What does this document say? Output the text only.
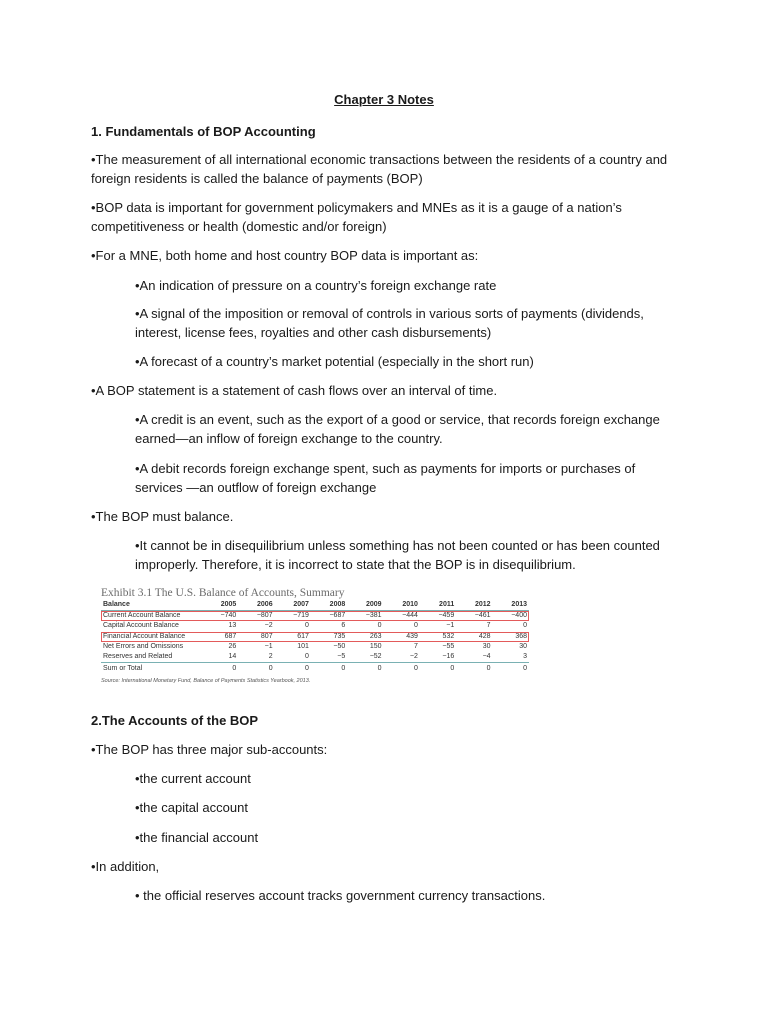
Chapter 3 Notes
1. Fundamentals of BOP Accounting
•The measurement of all international economic transactions between the residents of a country and foreign residents is called the balance of payments (BOP)
•BOP data is important for government policymakers and MNEs as it is a gauge of a nation’s competitiveness or health (domestic and/or foreign)
•For a MNE, both home and host country BOP data is important as:
•An indication of pressure on a country’s foreign exchange rate
•A signal of the imposition or removal of controls in various sorts of payments (dividends, interest, license fees, royalties and other cash disbursements)
•A forecast of a country’s market potential (especially in the short run)
•A BOP statement is a statement of cash flows over an interval of time.
•A credit is an event, such as the export of a good or service, that records foreign exchange earned—an inflow of foreign exchange to the country.
•A debit records foreign exchange spent, such as payments for imports or purchases of services —an outflow of foreign exchange
•The BOP must balance.
•It cannot be in disequilibrium unless something has not been counted or has been counted improperly. Therefore, it is incorrect to state that the BOP is in disequilibrium.
Exhibit 3.1 The U.S. Balance of Accounts, Summary
Balance	2005	2006	2007	2008	2009	2010	2011	2012	2013
Current Account Balance	−740	−807	−719	−687	−381	−444	−459	−461	−400
Capital Account Balance	13	−2	0	6	0	0	−1	7	0
Financial Account Balance	687	807	617	735	263	439	532	428	368
Net Errors and Omissions	26	−1	101	−50	150	7	−55	30	30
Reserves and Related	14	2	0	−5	−52	−2	−16	−4	3
Sum or Total	0	0	0	0	0	0	0	0	0
Source: International Monetary Fund, Balance of Payments Statistics Yearbook, 2013.
2.The Accounts of the BOP
•The BOP has three major sub-accounts:
•the current account
•the capital account
•the financial account
•In addition,
• the official reserves account tracks government currency transactions.
